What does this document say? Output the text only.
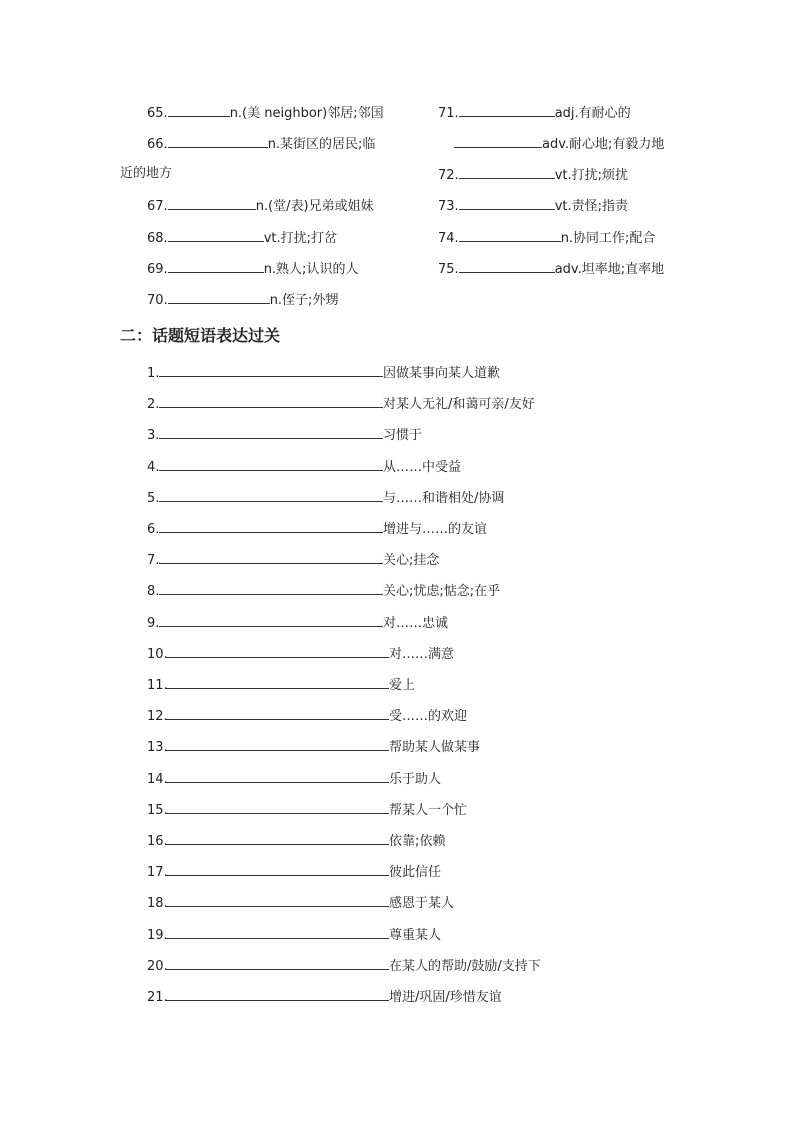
65.	n.(美 neighbor)邻居;邻国
66.	n.某街区的居民;临
近的地方
67.	n.(堂/表)兄弟或姐妹
68.	vt.打扰;打岔
69.	n.熟人;认识的人
70.	n.侄子;外甥
71.	adj.有耐心的
adv.耐心地;有毅力地
72.	vt.打扰;烦扰
73.	vt.责怪;指责
74.	n.协同工作;配合
75.	adv.坦率地;直率地
二：话题短语表达过关
1.	因做某事向某人道歉
2.	对某人无礼/和蔼可亲/友好
3.	习惯于
4.	从……中受益
5.	与……和谐相处/协调
6.	增进与……的友谊
7.	关心;挂念
8.	关心;忧虑;惦念;在乎
9.	对……忠诚
10.	对……满意
11.	爱上
12.	受……的欢迎
13.	帮助某人做某事
14.	乐于助人
15.	帮某人一个忙
16.	依靠;依赖
17.	彼此信任
18.	感恩于某人
19.	尊重某人
20.	在某人的帮助/鼓励/支持下
21.	增进/巩固/珍惜友谊
